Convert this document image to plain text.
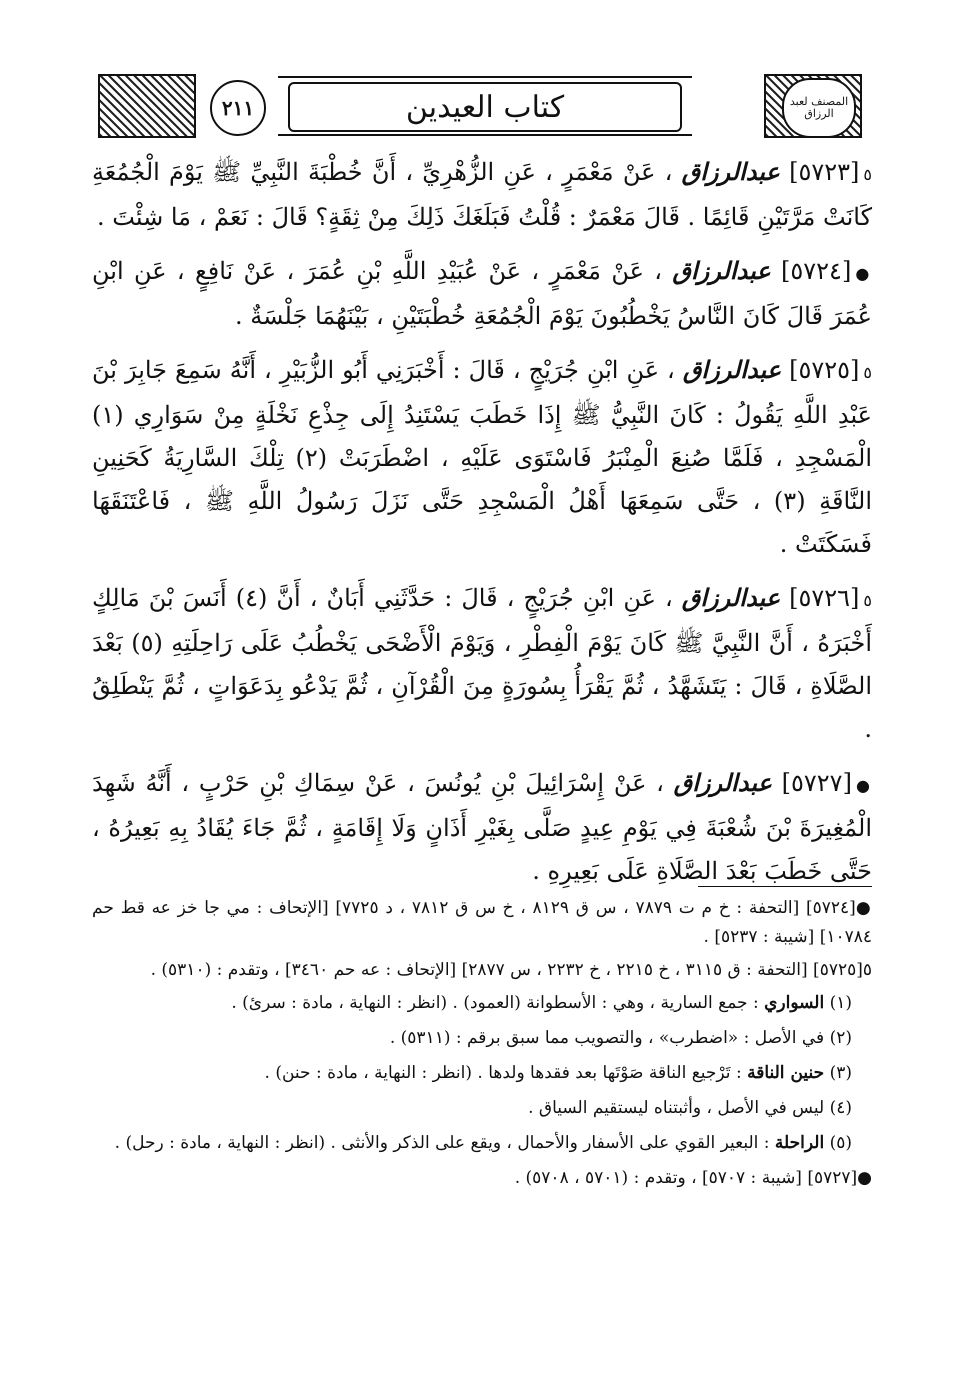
٢١١	كتاب العيدين	المصنف لعبد الرزاق

٥[٥٧٢٣] عبدالرزاق ، عَنْ مَعْمَرٍ ، عَنِ الزُّهْرِيِّ ، أَنَّ خُطْبَةَ النَّبِيِّ ﷺ يَوْمَ الْجُمُعَةِ كَانَتْ مَرَّتَيْنِ قَائِمًا . قَالَ مَعْمَرٌ : قُلْتُ فَبَلَغَكَ ذَلِكَ مِنْ ثِقَةٍ؟ قَالَ : نَعَمْ ، مَا شِئْتَ .

●[٥٧٢٤] عبدالرزاق ، عَنْ مَعْمَرٍ ، عَنْ عُبَيْدِ اللَّهِ بْنِ عُمَرَ ، عَنْ نَافِعٍ ، عَنِ ابْنِ عُمَرَ قَالَ كَانَ النَّاسُ يَخْطُبُونَ يَوْمَ الْجُمُعَةِ خُطْبَتَيْنِ ، بَيْنَهُمَا جَلْسَةٌ .

٥[٥٧٢٥] عبدالرزاق ، عَنِ ابْنِ جُرَيْجٍ ، قَالَ : أَخْبَرَنِي أَبُو الزُّبَيْرِ ، أَنَّهُ سَمِعَ جَابِرَ بْنَ عَبْدِ اللَّهِ يَقُولُ : كَانَ النَّبِيُّ ﷺ إِذَا خَطَبَ يَسْتَنِدُ إِلَى جِذْعِ نَخْلَةٍ مِنْ سَوَارِي (١) الْمَسْجِدِ ، فَلَمَّا صُنِعَ الْمِنْبَرُ فَاسْتَوَى عَلَيْهِ ، اضْطَرَبَتْ (٢) تِلْكَ السَّارِيَةُ كَحَنِينِ النَّاقَةِ (٣) ، حَتَّى سَمِعَهَا أَهْلُ الْمَسْجِدِ حَتَّى نَزَلَ رَسُولُ اللَّهِ ﷺ ، فَاعْتَنَقَهَا فَسَكَتَتْ .

٥[٥٧٢٦] عبدالرزاق ، عَنِ ابْنِ جُرَيْجٍ ، قَالَ : حَدَّثَنِي أَبَانٌ ، أَنَّ (٤) أَنَسَ بْنَ مَالِكٍ أَخْبَرَهُ ، أَنَّ النَّبِيَّ ﷺ كَانَ يَوْمَ الْفِطْرِ ، وَيَوْمَ الْأَضْحَى يَخْطُبُ عَلَى رَاحِلَتِهِ (٥) بَعْدَ الصَّلَاةِ ، قَالَ : يَتَشَهَّدُ ، ثُمَّ يَقْرَأُ بِسُورَةٍ مِنَ الْقُرْآنِ ، ثُمَّ يَدْعُو بِدَعَوَاتٍ ، ثُمَّ يَنْطَلِقُ .

●[٥٧٢٧] عبدالرزاق ، عَنْ إِسْرَائِيلَ بْنِ يُونُسَ ، عَنْ سِمَاكِ بْنِ حَرْبٍ ، أَنَّهُ شَهِدَ الْمُغِيرَةَ بْنَ شُعْبَةَ فِي يَوْمِ عِيدٍ صَلَّى بِغَيْرِ أَذَانٍ وَلَا إِقَامَةٍ ، ثُمَّ جَاءَ يُقَادُ بِهِ بَعِيرُهُ ، حَتَّى خَطَبَ بَعْدَ الصَّلَاةِ عَلَى بَعِيرِهِ .

●[٥٧٢٤] [التحفة : خ م ت ٧٨٧٩ ، س ق ٨١٢٩ ، خ س ق ٧٨١٢ ، د ٧٧٢٥] [الإتحاف : مي جا خز عه قط حم ١٠٧٨٤] [شيبة : ٥٢٣٧] .

٥[٥٧٢٥] [التحفة : ق ٣١١٥ ، خ ٢٢١٥ ، خ ٢٢٣٢ ، س ٢٨٧٧] [الإتحاف : عه حم ٣٤٦٠] ، وتقدم : (٥٣١٠) .

(١) السواري : جمع السارية ، وهي : الأسطوانة (العمود) . (انظر : النهاية ، مادة : سرئ) .

(٢) في الأصل : «اضطرب» ، والتصويب مما سبق برقم : (٥٣١١) .

(٣) حنين الناقة : تَرْجيع الناقة صَوْتَها بعد فقدها ولدها . (انظر : النهاية ، مادة : حنن) .

(٤) ليس في الأصل ، وأثبتناه ليستقيم السياق .

(٥) الراحلة : البعير القوي على الأسفار والأحمال ، ويقع على الذكر والأنثى . (انظر : النهاية ، مادة : رحل) .

●[٥٧٢٧] [شيبة : ٥٧٠٧] ، وتقدم : (٥٧٠١ ، ٥٧٠٨) .
